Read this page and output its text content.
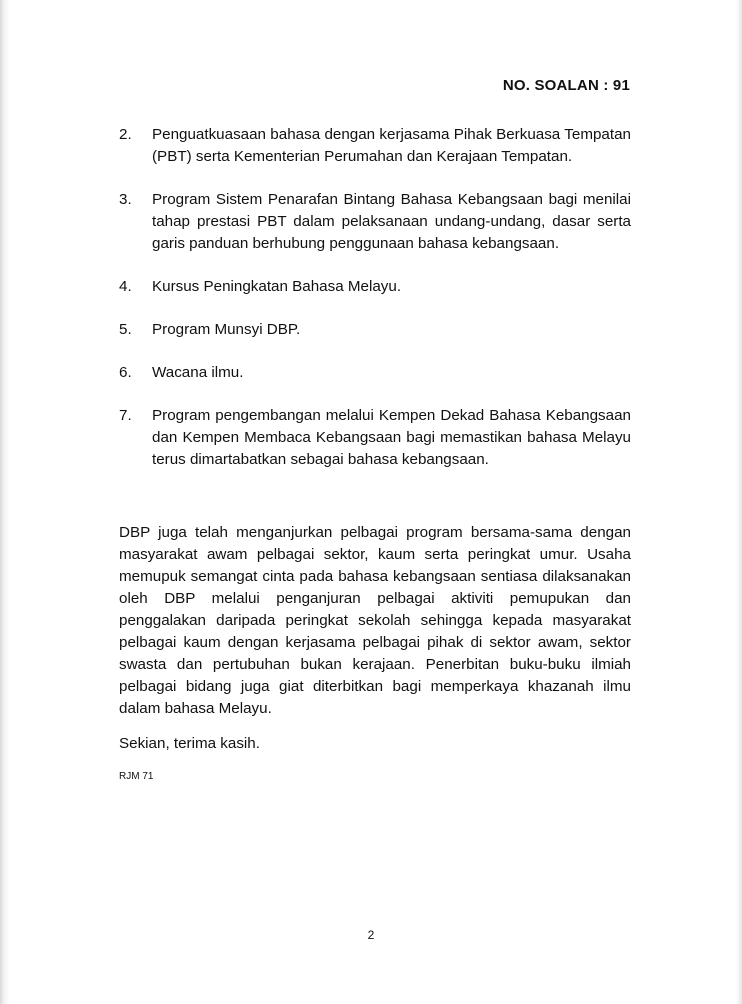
NO. SOALAN : 91
2.	Penguatkuasaan bahasa dengan kerjasama Pihak Berkuasa Tempatan (PBT) serta Kementerian Perumahan dan Kerajaan Tempatan.
3.	Program Sistem Penarafan Bintang Bahasa Kebangsaan bagi menilai tahap prestasi PBT dalam pelaksanaan undang-undang, dasar serta garis panduan berhubung penggunaan bahasa kebangsaan.
4.	Kursus Peningkatan Bahasa Melayu.
5.	Program Munsyi DBP.
6.	Wacana ilmu.
7.	Program pengembangan melalui Kempen Dekad Bahasa Kebangsaan dan Kempen Membaca Kebangsaan bagi memastikan bahasa Melayu terus dimartabatkan sebagai bahasa kebangsaan.

DBP juga telah menganjurkan pelbagai program bersama-sama dengan masyarakat awam pelbagai sektor, kaum serta peringkat umur. Usaha memupuk semangat cinta pada bahasa kebangsaan sentiasa dilaksanakan oleh DBP melalui penganjuran pelbagai aktiviti pemupukan dan penggalakan daripada peringkat sekolah sehingga kepada masyarakat pelbagai kaum dengan kerjasama pelbagai pihak di sektor awam, sektor swasta dan pertubuhan bukan kerajaan. Penerbitan buku-buku ilmiah pelbagai bidang juga giat diterbitkan bagi memperkaya khazanah ilmu dalam bahasa Melayu.

Sekian, terima kasih.

RJM 71
2
